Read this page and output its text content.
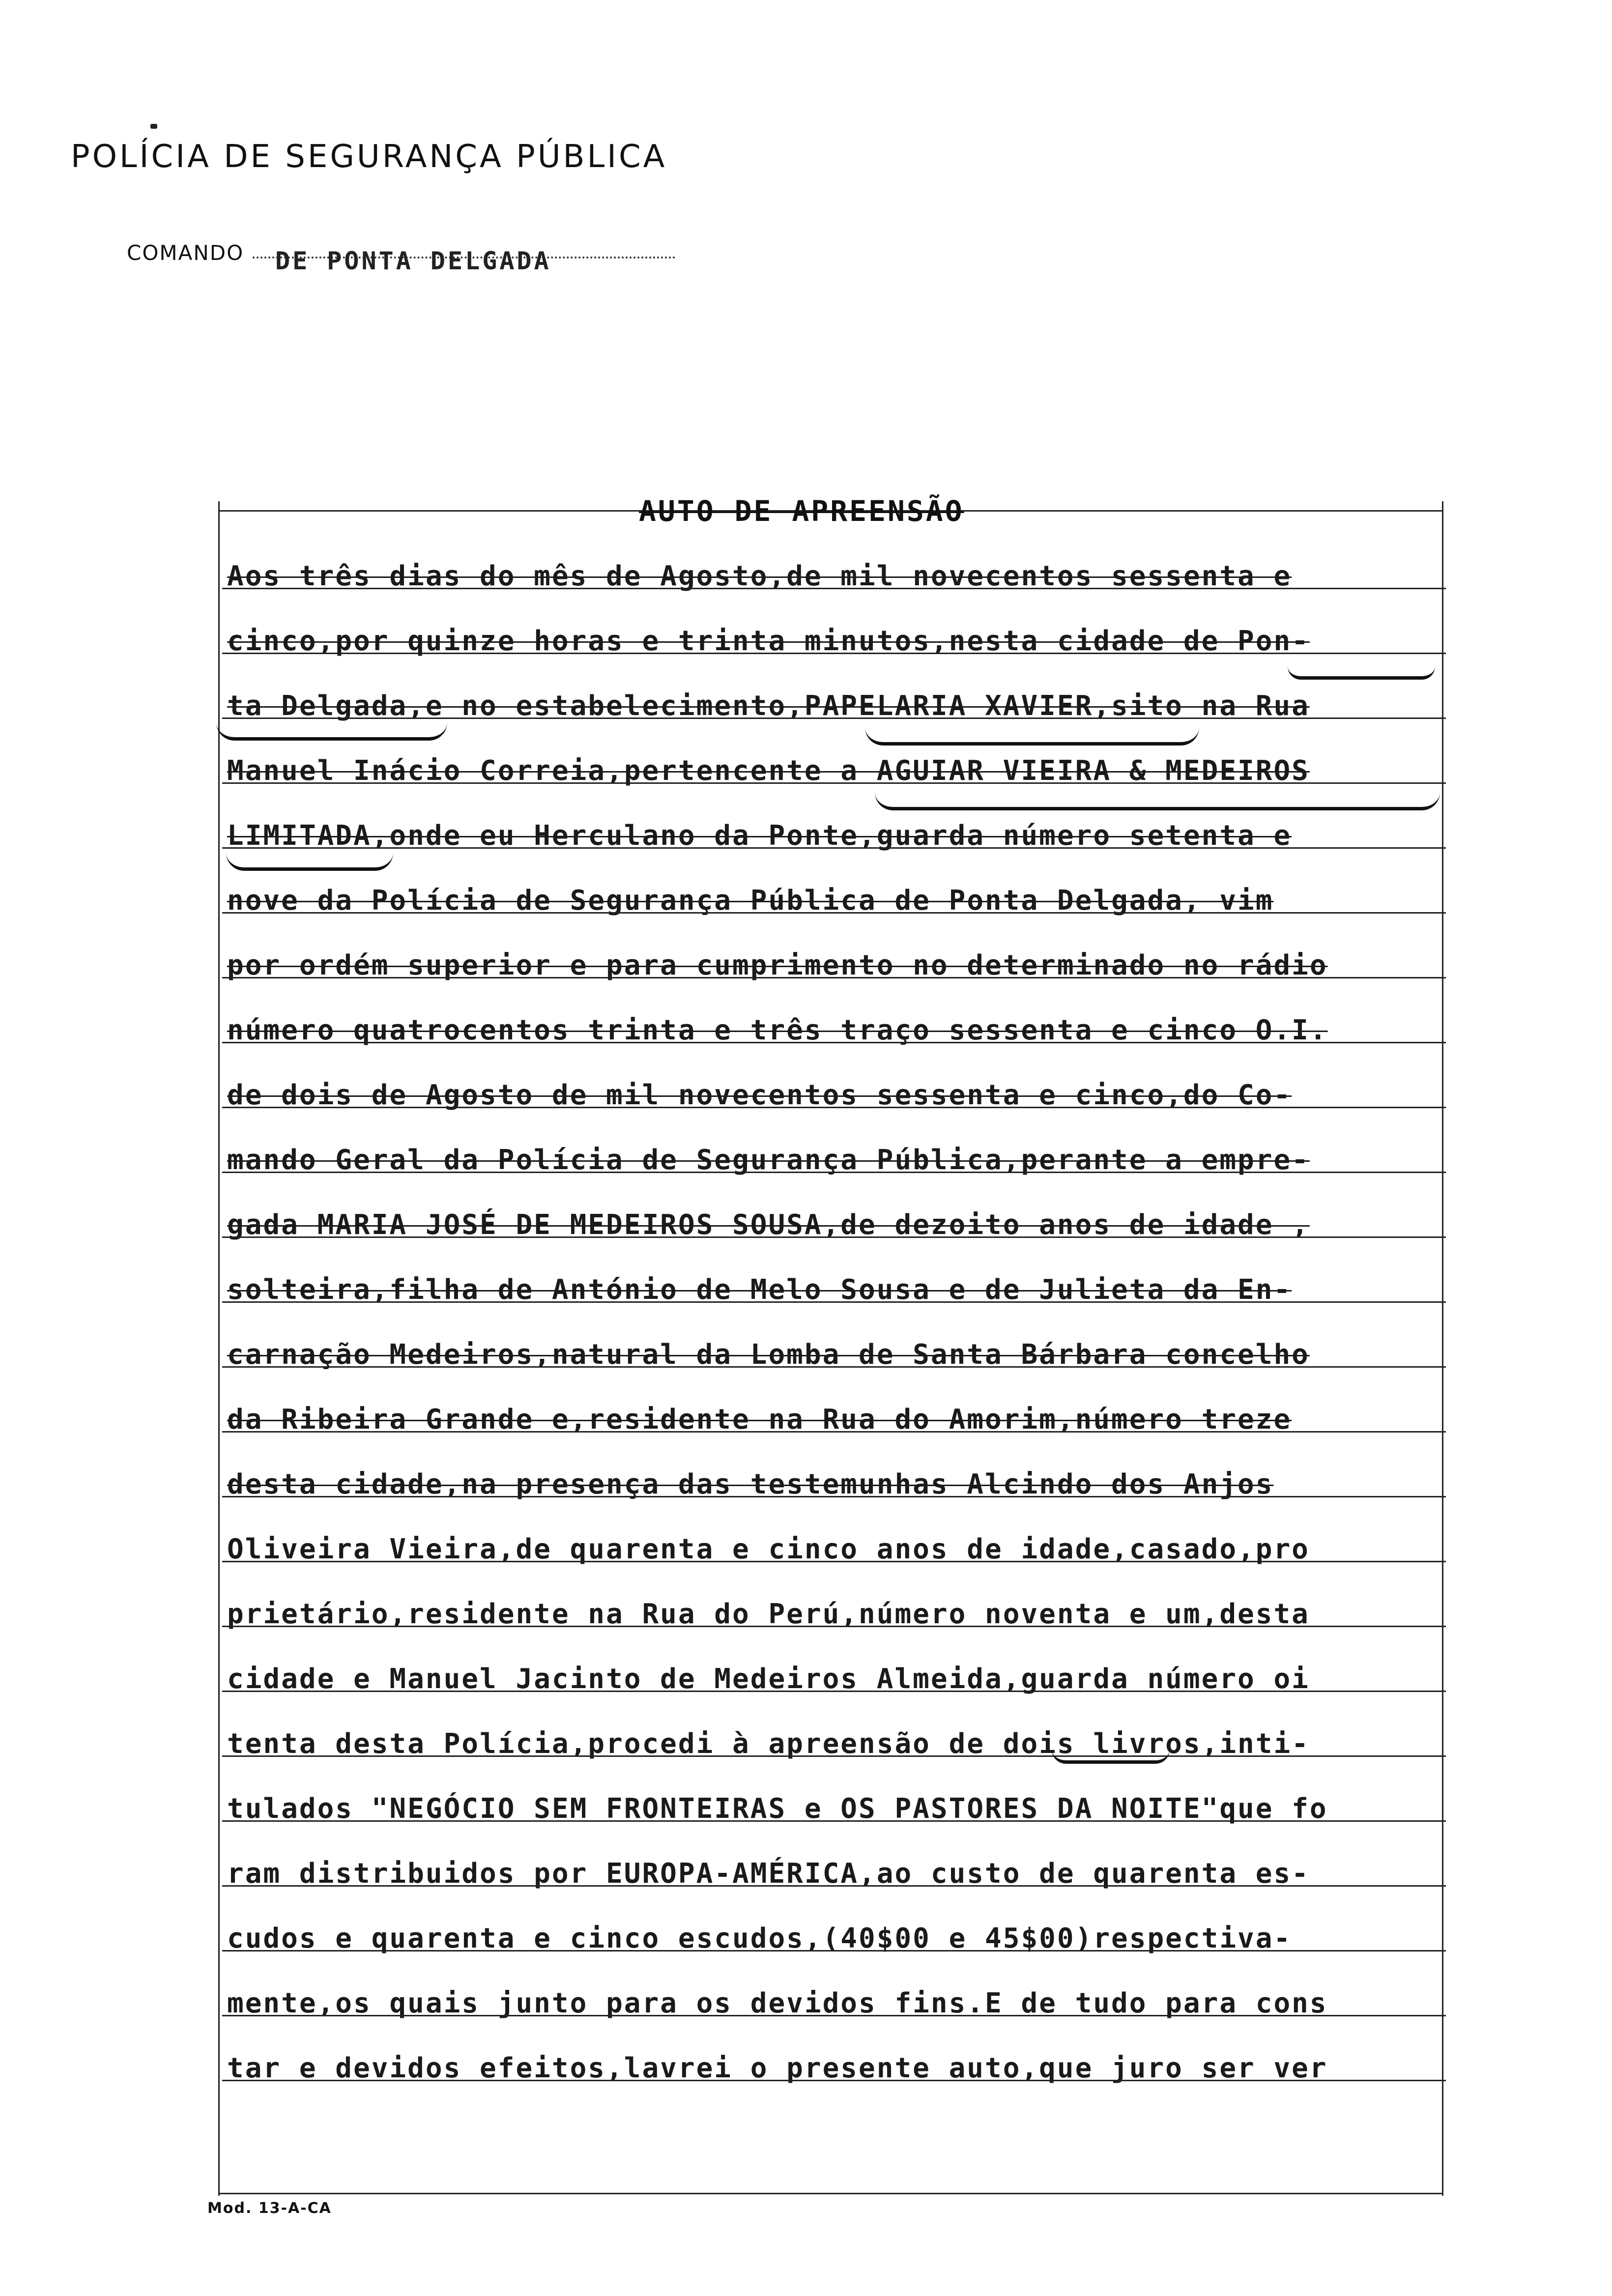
POLÍCIA DE SEGURANÇA PÚBLICA
COMANDO DE PONTA DELGADA
AUTO DE APREENSÃO
Aos três dias do mês de Agosto,de mil novecentos sessenta e
cinco,por quinze horas e trinta minutos,nesta cidade de Pon-
ta Delgada,e no estabelecimento,PAPELARIA XAVIER,sito na Rua
Manuel Inácio Correia,pertencente a AGUIAR VIEIRA & MEDEIROS
LIMITADA,onde eu Herculano da Ponte,guarda número setenta e
nove da Polícia de Segurança Pública de Ponta Delgada, vim
por ordém superior e para cumprimento no determinado no rádio
número quatrocentos trinta e três traço sessenta e cinco O.I.
de dois de Agosto de mil novecentos sessenta e cinco,do Co-
mando Geral da Polícia de Segurança Pública,perante a empre-
gada MARIA JOSÉ DE MEDEIROS SOUSA,de dezoito anos de idade ,
solteira,filha de António de Melo Sousa e de Julieta da En-
carnação Medeiros,natural da Lomba de Santa Bárbara concelho
da Ribeira Grande e,residente na Rua do Amorim,número treze
desta cidade,na presença das testemunhas Alcindo dos Anjos
Oliveira Vieira,de quarenta e cinco anos de idade,casado,pro
prietário,residente na Rua do Perú,número noventa e um,desta
cidade e Manuel Jacinto de Medeiros Almeida,guarda número oi
tenta desta Polícia,procedi à apreensão de dois livros,inti-
tulados "NEGÓCIO SEM FRONTEIRAS e OS PASTORES DA NOITE"que fo
ram distribuidos por EUROPA-AMÉRICA,ao custo de quarenta es-
cudos e quarenta e cinco escudos,(40$00 e 45$00)respectiva-
mente,os quais junto para os devidos fins.E de tudo para cons
tar e devidos efeitos,lavrei o presente auto,que juro ser ver
Mod. 13-A-CA
